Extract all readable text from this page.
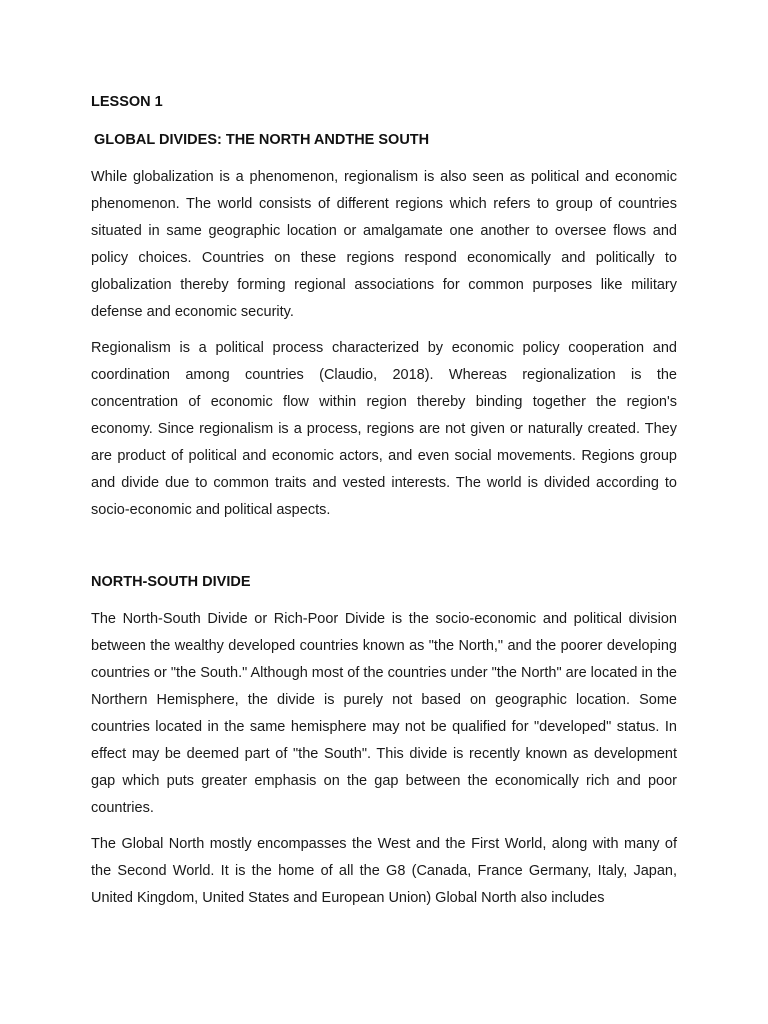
LESSON 1

GLOBAL DIVIDES: THE NORTH ANDTHE SOUTH

While globalization is a phenomenon, regionalism is also seen as political and economic phenomenon. The world consists of different regions which refers to group of countries situated in same geographic location or amalgamate one another to oversee flows and policy choices. Countries on these regions respond economically and politically to globalization thereby forming regional associations for common purposes like military defense and economic security.

Regionalism is a political process characterized by economic policy cooperation and coordination among countries (Claudio, 2018). Whereas regionalization is the concentration of economic flow within region thereby binding together the region's economy. Since regionalism is a process, regions are not given or naturally created. They are product of political and economic actors, and even social movements. Regions group and divide due to common traits and vested interests. The world is divided according to socio-economic and political aspects.

NORTH-SOUTH DIVIDE

The North-South Divide or Rich-Poor Divide is the socio-economic and political division between the wealthy developed countries known as "the North," and the poorer developing countries or "the South." Although most of the countries under "the North" are located in the Northern Hemisphere, the divide is purely not based on geographic location. Some countries located in the same hemisphere may not be qualified for "developed" status. In effect may be deemed part of "the South". This divide is recently known as development gap which puts greater emphasis on the gap between the economically rich and poor countries.

The Global North mostly encompasses the West and the First World, along with many of the Second World. It is the home of all the G8 (Canada, France Germany, Italy, Japan, United Kingdom, United States and European Union) Global North also includes
